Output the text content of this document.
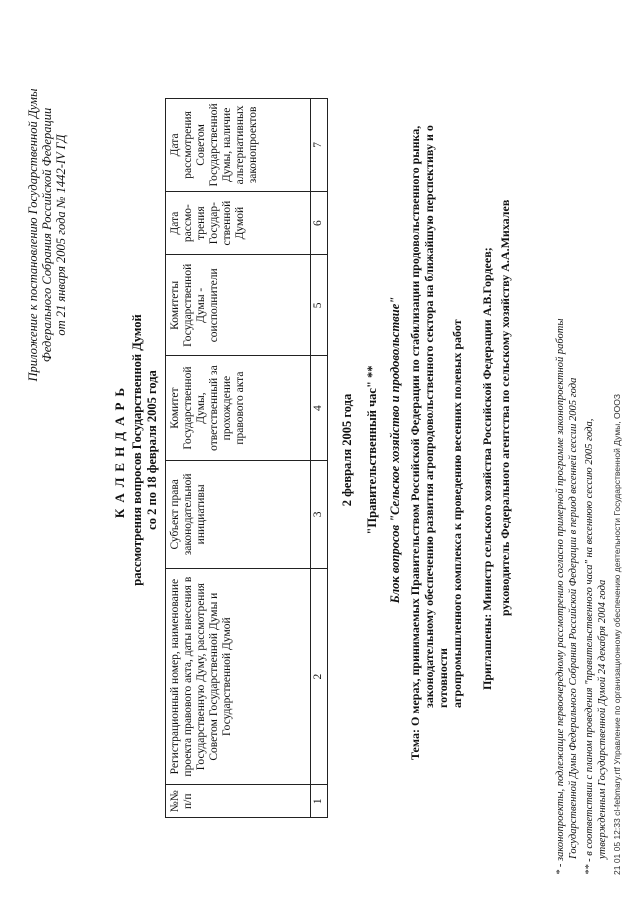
Приложение к постановлению Государственной Думы Федерального Собрания Российской Федерации от 21 января 2005 года № 1442-IV ГД
№№ п/п	Регистрационный номер, наименование проекта правового акта, даты внесения в Государственную Думу, рассмотрения Советом Государственной Думы и Государственной Думой	Субъект права законодательной инициативы	Комитет Государственной Думы, ответственный за прохождение правового акта	Комитеты Государственной Думы - соисполнители	Дата рассмо-трения Государ-ственной Думой	Дата рассмотрения Советом Государственной Думы, наличие альтернативных законопроектов
1	2	3	4	5	6	7
2 февраля 2005 года "Правительственный час" ** Блок вопросов "Сельское хозяйство и продовольствие"
Тема: О мерах, принимаемых Правительством Российской Федерации по стабилизации продовольственного рынка, законодательному обеспечению развития агропродовольственного сектора на ближайшую перспективу и о готовности агропромышленного комплекса к проведению весенних полевых работ Приглашены: Министр сельского хозяйства Российской Федерации А.В.Гордеев; руководитель Федерального агентства по сельскому хозяйству А.А.Михалев	* - законопроекты, подлежащие первоочередному рассмотрению согласно примерной программе законопроектной работы Государственной Думы Федерального Собрания Российской Федерации в период весенней сессии 2005 года ** - в соответствии с планом проведения "правительственного часа" на весеннюю сессию 2005 года, утвержденным Государственной Думой 24 декабря 2004 года 21 01 05 12:33 cl-febmary.rtf Управление по организационному обеспечению деятельности Государственной Думы, ОООЗ
КАЛЕНДАРЬ рассмотрения вопросов Государственной Думой со 2 по 18 февраля 2005 года
